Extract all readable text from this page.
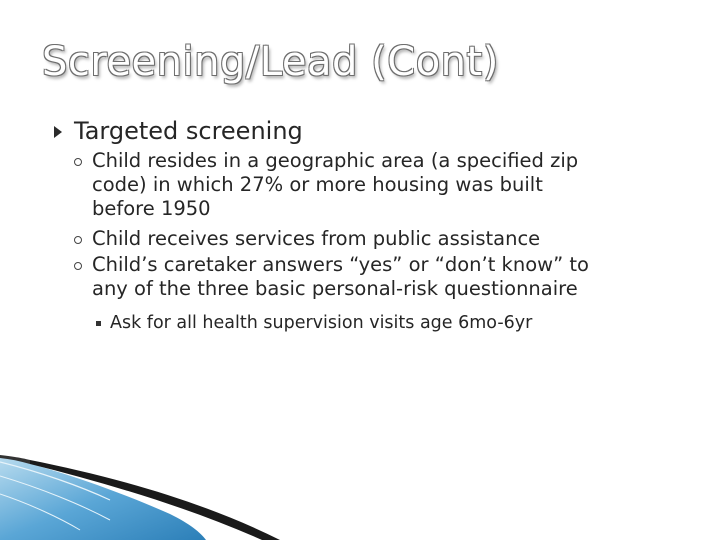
Screening/Lead (Cont)
Targeted screening
Child resides in a geographic area (a specified zip
code) in which 27% or more housing was built
before 1950
Child receives services from public assistance
Child’s caretaker answers “yes” or “don’t know” to
any of the three basic personal-risk questionnaire
Ask for all health supervision visits age 6mo-6yr
